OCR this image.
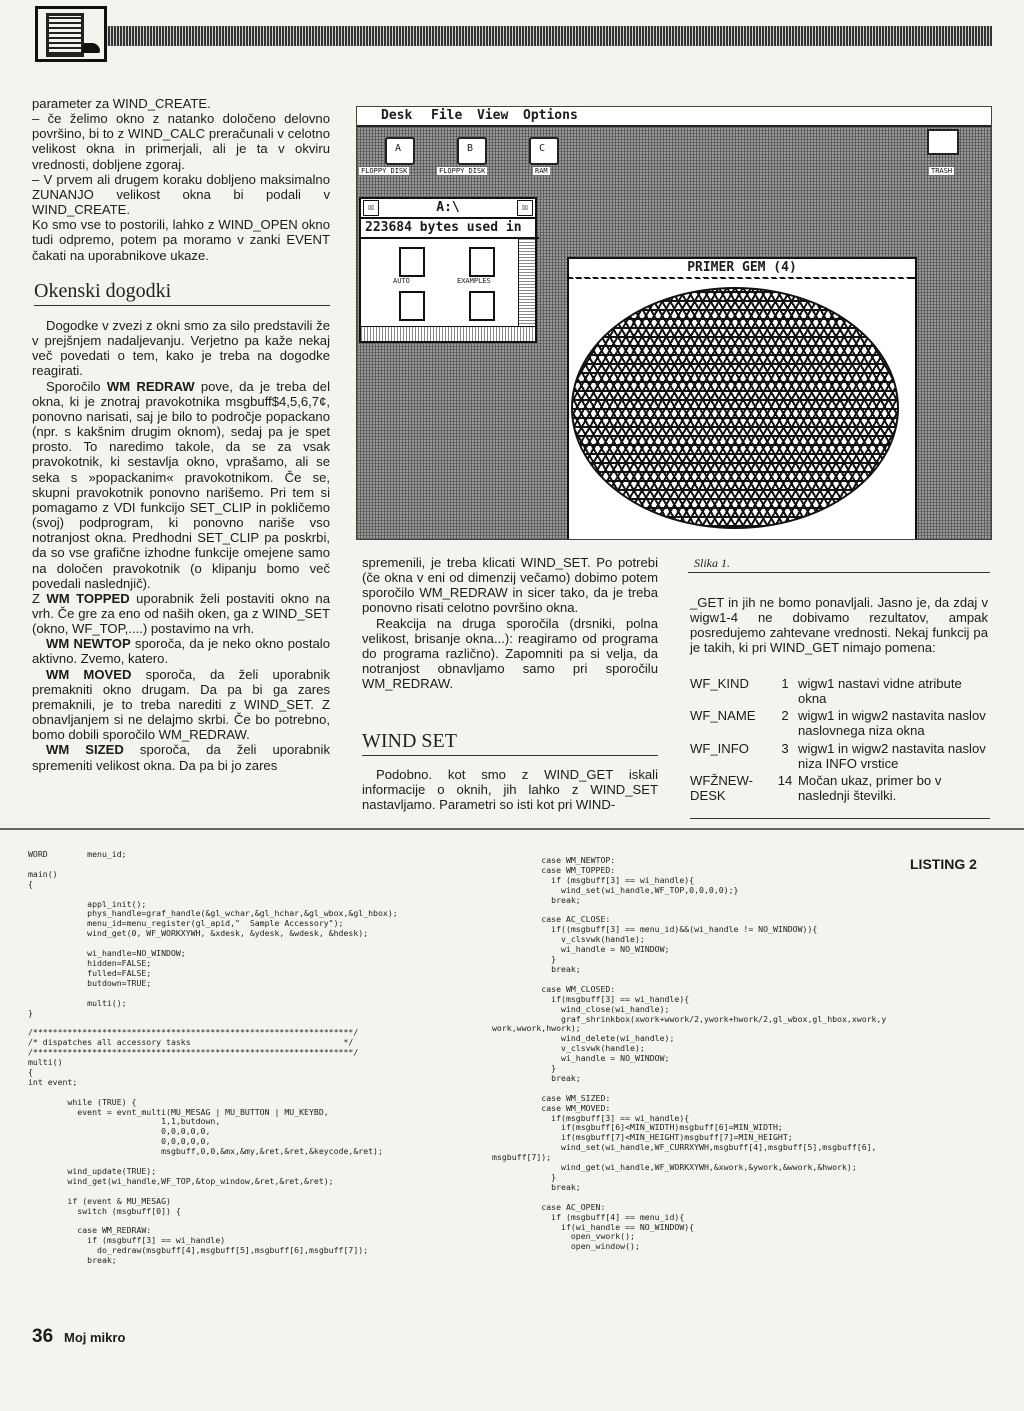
parameter za WIND_CREATE.

– če želimo okno z natanko določeno delovno površino, bi to z WIND_CALC preračunali v celotno velikost okna in primerjali, ali je ta v okviru vrednosti, dobljene zgoraj.

– V prvem ali drugem koraku dobljeno maksimalno ZUNANJO velikost okna bi podali v WIND_CREATE.

Ko smo vse to postorili, lahko z WIND_OPEN okno tudi odpremo, potem pa moramo v zanki EVENT čakati na uporabnikove ukaze.

Okenski dogodki

Dogodke v zvezi z okni smo za silo predstavili že v prejšnjem nadaljevanju. Verjetno pa kaže nekaj več povedati o tem, kako je treba na dogodke reagirati.

Sporočilo WM REDRAW pove, da je treba del okna, ki je znotraj pravokotnika msgbuff$4,5,6,7¢, ponovno narisati, saj je bilo to področje popackano (npr. s kakšnim drugim oknom), sedaj pa je spet prosto. To naredimo takole, da se za vsak pravokotnik, ki sestavlja okno, vprašamo, ali se seka s »popackanim« pravokotnikom. Če se, skupni pravokotnik ponovno narišemo. Pri tem si pomagamo z VDI funkcijo SET_CLIP in pokličemo (svoj) podprogram, ki ponovno nariše vso notranjost okna. Predhodni SET_CLIP pa poskrbi, da so vse grafične izhodne funkcije omejene samo na določen pravokotnik (o klipanju bomo več povedali naslednjič).

Z WM TOPPED uporabnik želi postaviti okno na vrh. Če gre za eno od naših oken, ga z WIND_SET (okno, WF_TOP,....) postavimo na vrh.

WM NEWTOP sporoča, da je neko okno postalo aktivno. Zvemo, katero.

WM MOVED sporoča, da želi uporabnik premakniti okno drugam. Da pa bi ga zares premaknili, je to treba narediti z WIND_SET. Z obnavljanjem si ne delajmo skrbi. Če bo potrebno, bomo dobili sporočilo WM_REDRAW.

WM SIZED sporoča, da želi uporabnik spremeniti velikost okna. Da pa bi jo zares

Desk File View Options
A	B	C
FLOPPY DISK	FLOPPY DISK	RAM	TRASH
☒	A:\	☒
223684 bytes used in
AUTO	EXAMPLES
PRIMER GEM (4)
Slika 1.

spremenili, je treba klicati WIND_SET. Po potrebi (če okna v eni od dimenzij večamo) dobimo potem sporočilo WM_REDRAW in sicer tako, da je treba ponovno risati celotno površino okna.

Reakcija na druga sporočila (drsniki, polna velikost, brisanje okna...): reagiramo od programa do programa različno). Zapomniti pa si velja, da notranjost obnavljamo samo pri sporočilu WM_REDRAW.

WIND SET

Podobno. kot smo z WIND_GET iskali informacije o oknih, jih lahko z WIND_SET nastavljamo. Parametri so isti kot pri WIND-

_GET in jih ne bomo ponavljali. Jasno je, da zdaj v wigw1-4 ne dobivamo rezultatov, ampak posredujemo zahtevane vrednosti. Nekaj funkcij pa je takih, ki pri WIND_GET nimajo pomena:

WF_KIND	1	wigw1 nastavi vidne atribute okna
WF_NAME	2	wigw1 in wigw2 nastavita naslov naslovnega niza okna
WF_INFO	3	wigw1 in wigw2 nastavita naslov niza INFO vrstice
WFŽNEW-DESK	14	Močan ukaz, primer bo v naslednji številki.
LISTING 2
WORD        menu_id;

main()
{

appl_init();
phys_handle=graf_handle(&gl_wchar,&gl_hchar,&gl_wbox,&gl_hbox);
menu_id=menu_register(gl_apid,"  Sample Accessory");
wind_get(0, WF_WORKXYWH, &xdesk, &ydesk, &wdesk, &hdesk);

wi_handle=NO_WINDOW;
hidden=FALSE;
fulled=FALSE;
butdown=TRUE;

multi();
}

/*****************************************************************/
/* dispatches all accessory tasks                               */
/*****************************************************************/
multi()
{
int event;

while (TRUE) {
event = evnt_multi(MU_MESAG | MU_BUTTON | MU_KEYBD,
1,1,butdown,
0,0,0,0,0,
0,0,0,0,0,
msgbuff,0,0,&mx,&my,&ret,&ret,&keycode,&ret);

wind_update(TRUE);
wind_get(wi_handle,WF_TOP,&top_window,&ret,&ret,&ret);

if (event & MU_MESAG)
switch (msgbuff[0]) {

case WM_REDRAW:
if (msgbuff[3] == wi_handle)
do_redraw(msgbuff[4],msgbuff[5],msgbuff[6],msgbuff[7]);
break;
case WM_NEWTOP:
case WM_TOPPED:
if (msgbuff[3] == wi_handle){
wind_set(wi_handle,WF_TOP,0,0,0,0);}
break;

case AC_CLOSE:
if((msgbuff[3] == menu_id)&&(wi_handle != NO_WINDOW)){
v_clsvwk(handle);
wi_handle = NO_WINDOW;
}
break;

case WM_CLOSED:
if(msgbuff[3] == wi_handle){
wind_close(wi_handle);
graf_shrinkbox(xwork+wwork/2,ywork+hwork/2,gl_wbox,gl_hbox,xwork,y
work,wwork,hwork);
wind_delete(wi_handle);
v_clsvwk(handle);
wi_handle = NO_WINDOW;
}
break;

case WM_SIZED:
case WM_MOVED:
if(msgbuff[3] == wi_handle){
if(msgbuff[6]<MIN_WIDTH)msgbuff[6]=MIN_WIDTH;
if(msgbuff[7]<MIN_HEIGHT)msgbuff[7]=MIN_HEIGHT;
wind_set(wi_handle,WF_CURRXYWH,msgbuff[4],msgbuff[5],msgbuff[6],
msgbuff[7]);
wind_get(wi_handle,WF_WORKXYWH,&xwork,&ywork,&wwork,&hwork);
}
break;

case AC_OPEN:
if (msgbuff[4] == menu_id){
if(wi_handle == NO_WINDOW){
open_vwork();
open_window();
36 Moj mikro
